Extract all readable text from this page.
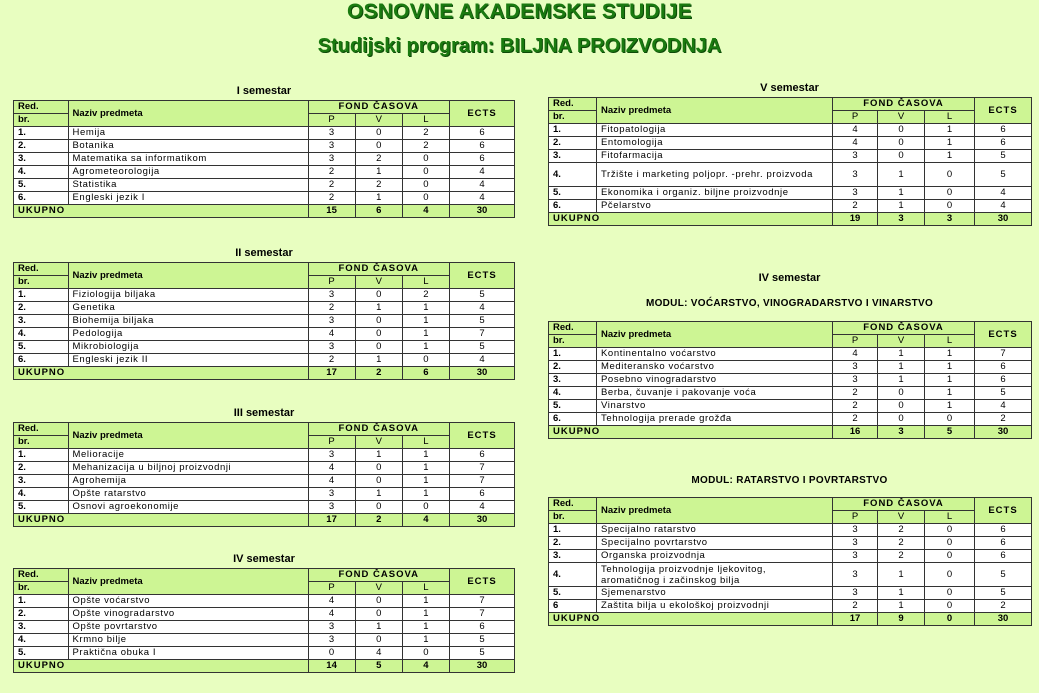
OSNOVNE AKADEMSKE STUDIJE
Studijski program: BILJNA PROIZVODNJA
I semestar
Red.	Naziv predmeta	FOND ČASOVA			ECTS
br.		P	V	L	
1.	Hemija	3	0	2	6
2.	Botanika	3	0	2	6
3.	Matematika sa informatikom	3	2	0	6
4.	Agrometeorologija	2	1	0	4
5.	Statistika	2	2	0	4
6.	Engleski jezik I	2	1	0	4
UKUPNO		15	6	4	30
II semestar
Red.	Naziv predmeta	FOND ČASOVA			ECTS
br.		P	V	L	
1.	Fiziologija biljaka	3	0	2	5
2.	Genetika	2	1	1	4
3.	Biohemija biljaka	3	0	1	5
4.	Pedologija	4	0	1	7
5.	Mikrobiologija	3	0	1	5
6.	Engleski jezik II	2	1	0	4
UKUPNO		17	2	6	30
III semestar
Red.	Naziv predmeta	FOND ČASOVA			ECTS
br.		P	V	L	
1.	Melioracije	3	1	1	6
2.	Mehanizacija u biljnoj proizvodnji	4	0	1	7
3.	Agrohemija	4	0	1	7
4.	Opšte ratarstvo	3	1	1	6
5.	Osnovi agroekonomije	3	0	0	4
UKUPNO		17	2	4	30
IV semestar
Red.	Naziv predmeta	FOND ČASOVA			ECTS
br.		P	V	L	
1.	Opšte voćarstvo	4	0	1	7
2.	Opšte vinogradarstvo	4	0	1	7
3.	Opšte povrtarstvo	3	1	1	6
4.	Krmno bilje	3	0	1	5
5.	Praktična obuka I	0	4	0	5
UKUPNO		14	5	4	30
V semestar
Red.	Naziv predmeta	FOND ČASOVA			ECTS
br.		P	V	L	
1.	Fitopatologija	4	0	1	6
2.	Entomologija	4	0	1	6
3.	Fitofarmacija	3	0	1	5
4.	Tržište i marketing poljopr. -prehr. proizvoda	3	1	0	5
5.	Ekonomika i organiz. biljne proizvodnje	3	1	0	4
6.	Pčelarstvo	2	1	0	4
UKUPNO		19	3	3	30
IV semestar
MODUL: VOĆARSTVO, VINOGRADARSTVO I VINARSTVO
Red.	Naziv predmeta	FOND ČASOVA			ECTS
br.		P	V	L	
1.	Kontinentalno voćarstvo	4	1	1	7
2.	Mediteransko voćarstvo	3	1	1	6
3.	Posebno vinogradarstvo	3	1	1	6
4.	Berba, čuvanje i pakovanje voća	2	0	1	5
5.	Vinarstvo	2	0	1	4
6.	Tehnologija prerade grožđa	2	0	0	2
UKUPNO		16	3	5	30
MODUL: RATARSTVO I POVRTARSTVO
Red.	Naziv predmeta	FOND ČASOVA			ECTS
br.		P	V	L	
1.	Specijalno ratarstvo	3	2	0	6
2.	Specijalno povrtarstvo	3	2	0	6
3.	Organska proizvodnja	3	2	0	6
4.	Tehnologija proizvodnje ljekovitog, aromatičnog i začinskog bilja	3	1	0	5
5.	Sjemenarstvo	3	1	0	5
6	Zaštita bilja u ekološkoj proizvodnji	2	1	0	2
UKUPNO		17	9	0	30
